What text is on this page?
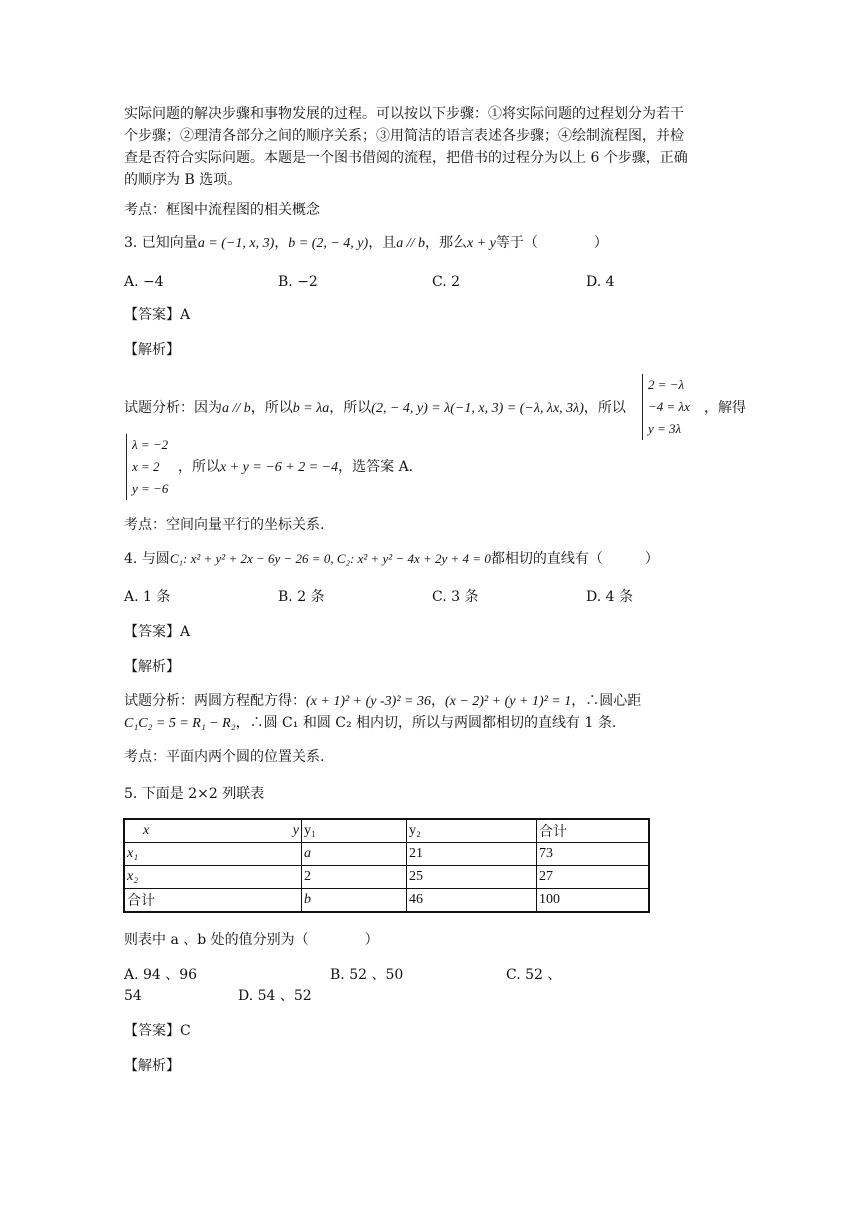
实际问题的解决步骤和事物发展的过程。可以按以下步骤：①将实际问题的过程划分为若干
个步骤；②理清各部分之间的顺序关系；③用简洁的语言表述各步骤；④绘制流程图，并检
查是否符合实际问题。本题是一个图书借阅的流程，把借书的过程分为以上 6 个步骤，正确
的顺序为 B 选项。
考点：框图中流程图的相关概念
3. 已知向量a = (−1, x, 3)，b = (2, − 4, y)，且a // b，那么x + y等于（　　　　）
A. −4	B. −2	C. 2	D. 4
【答案】A
【解析】
试题分析：因为a // b，所以b = λa，所以(2, − 4, y) = λ(−1, x, 3) = (−λ, λx, 3λ)，所以
2 = −λ
−4 = λx
y = 3λ
，解得
λ = −2
x = 2
y = −6
，所以x + y = −6 + 2 = −4，选答案 A.
考点：空间向量平行的坐标关系.
4. 与圆C₁: x² + y² + 2x − 6y − 26 = 0, C₂: x² + y² − 4x + 2y + 4 = 0都相切的直线有（　　　）
A. 1 条	B. 2 条	C. 3 条	D. 4 条
【答案】A
【解析】
试题分析：两圆方程配方得：(x + 1)² + (y -3)² = 36，(x − 2)² + (y + 1)² = 1，∴圆心距
C₁C₂ = 5 = R₁ − R₂，∴圆 C₁ 和圆 C₂ 相内切，所以与两圆都相切的直线有 1 条.
考点：平面内两个圆的位置关系.
5. 下面是 2×2 列联表
x y	y₁	y₂	合计
x₁	a	21	73
x₂	2	25	27
合计	b	46	100
则表中 a 、b 处的值分别为（　　　　）
A. 94 、96	B. 52 、50	C. 52 、
54	D. 54 、52
【答案】C
【解析】
